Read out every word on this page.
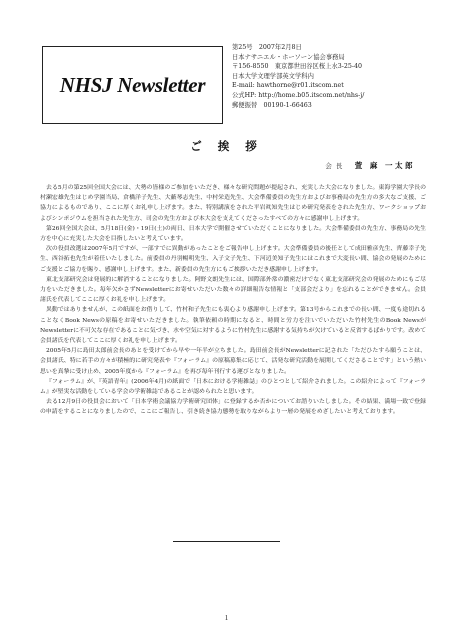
NHSJ Newsletter
第25号　2007年2月8日
日本ナサニエル・ホーソーン協会事務局
〒156-8550　東京都世田谷区桜上水3-25-40
日本大学文理学部英文学科内
E-mail: hawthorne@r01.itscom.net
公式HP: http://home.b05.itscom.net/nhs-j/
郵便振替　00190-1-66463
ご 挨 拶
会長 萱 麻 一太郎

去る5月の第25回全国大会には、大勢の皆様のご参加をいただき、様々な研究問題が提起され、充実した大会になりました。東海学園大学長の村瀬宏雄先生はじめ学園当局、倉橋洋子先生、大藪琴志先生、中村栄造先生、大会準備委員の先生方およびお事務局の先生方の多大なご支援、ご協力によるものであり、ここに厚くお礼申し上げます。また、特別講演をされた平岩眞知先生はじめ研究発表をされた先生方、ワークショップおよびシンポジウムを担当された先生方、司会の先生方および本大会を支えてくださったすべての方々に感謝申し上げます。

第26回全国大会は、5月18日(金)・19日(土)の両日、日本大学で開催させていただくことになりました。大会準備委員の先生方、事務局の先生方を中心に充実した大会を目指したいと考えています。

次の役員改選は2007年5月ですが、一部すでに異動があったことをご報告申し上げます。大会準備委員の後任として成田雅彦先生、齊藤幸子先生、西谷拓也先生が着任いたしました。前委員の丹羽暢明先生、入子文子先生、下河辺美知子先生にはこれまで大変長い間、協会の発展のためにご支援とご協力を賜り、感謝申し上げます。また、新委員の先生方にもご挨拶いただき感謝申し上げます。

東北支部研究会は発展的に解消することになりました。阿野文朗先生には、国際部外常の濃密だけでなく東北支部研究会の発展のためにもご尽力をいただきました。毎年欠かさずNewsletterにお寄せいただいた数々の詳細報告な情報と「支部会だより」を忘れることができません。会員諸氏を代表してここに厚くお礼を申し上げます。

異動ではありませんが、この紙面をお借りして、竹村和子先生にも衷心より感謝申し上げます。第13号からこれまでの長い間、一度も途切れることなくBook Newsの原稿をお寄せいただきました。執筆依頼の時期になると、時間と労力を注いでいただいた竹村先生のBook NewsがNewsletterに不可欠な存在であることに気づき、水や空気に対するように竹村先生に感謝する気持ちが欠けていると反省するばかりです。改めて会員諸氏を代表してここに厚くお礼を申し上げます。

2005年5月に島田太郎前会長のあとを受けてから早や一年半が立ちました。島田前会長がNewsletterに記された「ただひたすら願うことは、会員諸氏、特に若手の方々が積極的に研究発表や『フォーラム』の原稿募集に応じて、活発な研究活動を展開してくださることです」という熱い思いを真摯に受け止め、2005年度から『フォーラム』を再び毎年刊行する運びとなりました。

『フォーラム』が、『英語青年』(2006年4月)の紙面で「日本における学術雑誌」のひとつとして紹介されました。この紹介によって『フォーラム』が堅実な活動をしている学会の学術雑誌であることが認められたと思います。

去る12月9日の役員会において「日本学術会議協力学術研究団体」に登録するか否かについてお諮りいたしました。その結果、満場一致で登録の申請をすることになりましたので、ここにご報告し、引き続き協力態勢を取りながらより一層の発展をめざしたいと考えております。

1
